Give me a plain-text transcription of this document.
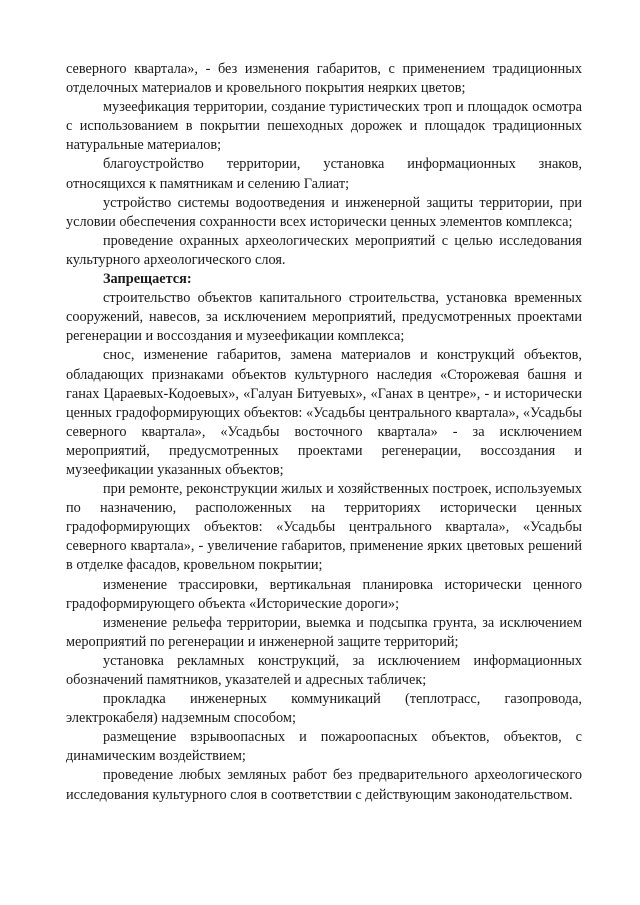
северного квартала», - без изменения габаритов, с применением традиционных отделочных материалов и кровельного покрытия неярких цветов;

музеефикация территории, создание туристических троп и площадок осмотра с использованием в покрытии пешеходных дорожек и площадок традиционных натуральные материалов;

благоустройство территории, установка информационных знаков, относящихся к памятникам и селению Галиат;

устройство системы водоотведения и инженерной защиты территории, при условии обеспечения сохранности всех исторически ценных элементов комплекса;

проведение охранных археологических мероприятий с целью исследования культурного археологического слоя.

Запрещается:

строительство объектов капитального строительства, установка временных сооружений, навесов, за исключением мероприятий, предусмотренных проектами регенерации и воссоздания и музеефикации комплекса;

снос, изменение габаритов, замена материалов и конструкций объектов, обладающих признаками объектов культурного наследия «Сторожевая башня и ганах Цараевых-Кодоевых», «Галуан Битуевых», «Ганах в центре», - и исторически ценных градоформирующих объектов: «Усадьбы центрального квартала», «Усадьбы северного квартала», «Усадьбы восточного квартала» - за исключением мероприятий, предусмотренных проектами регенерации, воссоздания и музеефикации указанных объектов;

при ремонте, реконструкции жилых и хозяйственных построек, используемых по назначению, расположенных на территориях исторически ценных градоформирующих объектов: «Усадьбы центрального квартала», «Усадьбы северного квартала», - увеличение габаритов, применение ярких цветовых решений в отделке фасадов, кровельном покрытии;

изменение трассировки, вертикальная планировка исторически ценного градоформирующего объекта «Исторические дороги»;

изменение рельефа территории, выемка и подсыпка грунта, за исключением мероприятий по регенерации и инженерной защите территорий;

установка рекламных конструкций, за исключением информационных обозначений памятников, указателей и адресных табличек;

прокладка инженерных коммуникаций (теплотрасс, газопровода, электрокабеля) надземным способом;

размещение взрывоопасных и пожароопасных объектов, объектов, с динамическим воздействием;

проведение любых земляных работ без предварительного археологического исследования культурного слоя в соответствии с действующим законодательством.
